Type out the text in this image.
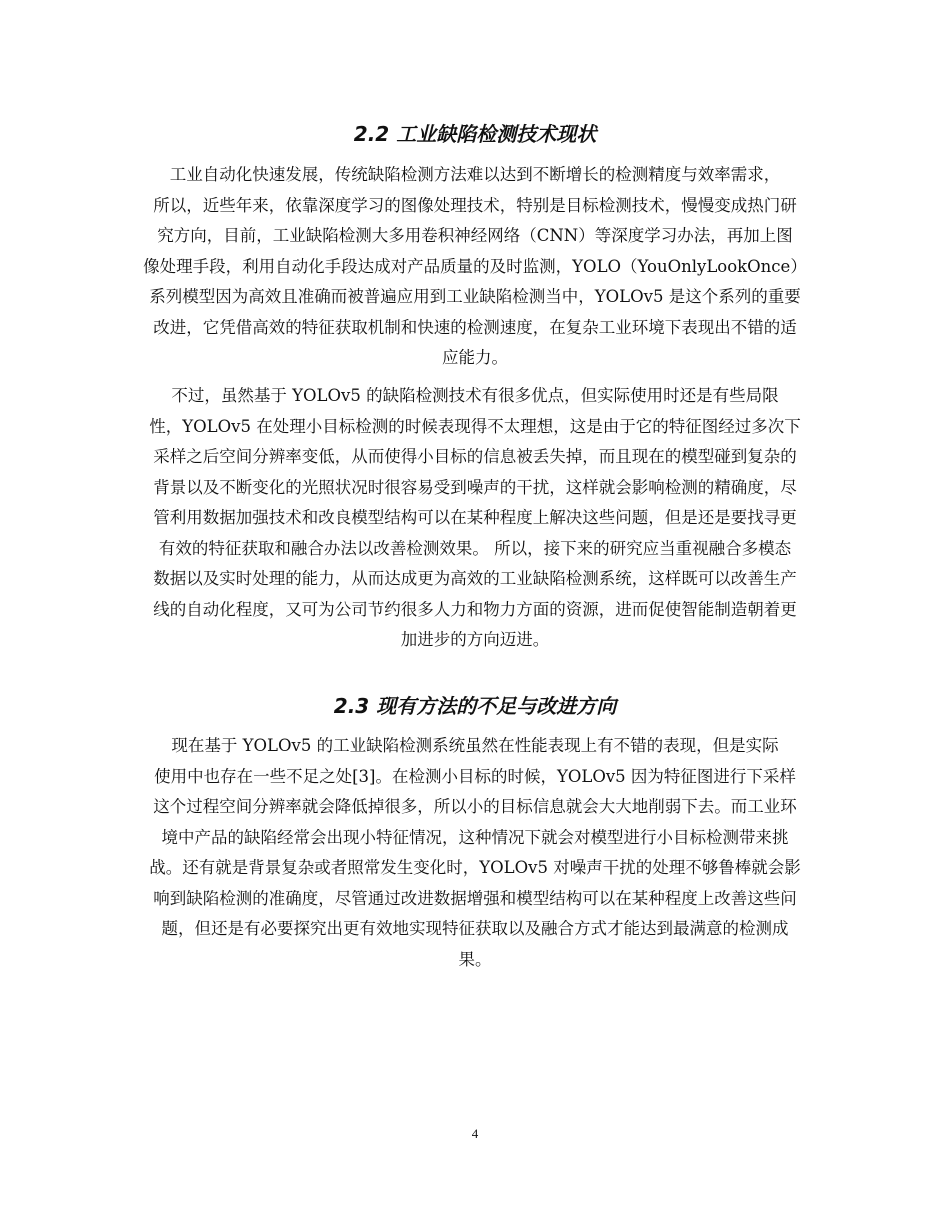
2.2 工业缺陷检测技术现状
工业自动化快速发展，传统缺陷检测方法难以达到不断增长的检测精度与效率需求，
所以，近些年来，依靠深度学习的图像处理技术，特别是目标检测技术，慢慢变成热门研
究方向，目前，工业缺陷检测大多用卷积神经网络（CNN）等深度学习办法，再加上图
像处理手段，利用自动化手段达成对产品质量的及时监测，YOLO（YouOnlyLookOnce）
系列模型因为高效且准确而被普遍应用到工业缺陷检测当中，YOLOv5 是这个系列的重要
改进，它凭借高效的特征获取机制和快速的检测速度，在复杂工业环境下表现出不错的适
应能力。
不过，虽然基于 YOLOv5 的缺陷检测技术有很多优点，但实际使用时还是有些局限
性，YOLOv5 在处理小目标检测的时候表现得不太理想，这是由于它的特征图经过多次下
采样之后空间分辨率变低，从而使得小目标的信息被丢失掉，而且现在的模型碰到复杂的
背景以及不断变化的光照状况时很容易受到噪声的干扰，这样就会影响检测的精确度，尽
管利用数据加强技术和改良模型结构可以在某种程度上解决这些问题，但是还是要找寻更
有效的特征获取和融合办法以改善检测效果。 所以，接下来的研究应当重视融合多模态
数据以及实时处理的能力，从而达成更为高效的工业缺陷检测系统，这样既可以改善生产
线的自动化程度，又可为公司节约很多人力和物力方面的资源，进而促使智能制造朝着更
加进步的方向迈进。
2.3 现有方法的不足与改进方向
现在基于 YOLOv5 的工业缺陷检测系统虽然在性能表现上有不错的表现，但是实际
使用中也存在一些不足之处[3]。在检测小目标的时候，YOLOv5 因为特征图进行下采样
这个过程空间分辨率就会降低掉很多，所以小的目标信息就会大大地削弱下去。而工业环
境中产品的缺陷经常会出现小特征情况，这种情况下就会对模型进行小目标检测带来挑
战。还有就是背景复杂或者照常发生变化时，YOLOv5 对噪声干扰的处理不够鲁棒就会影
响到缺陷检测的准确度，尽管通过改进数据增强和模型结构可以在某种程度上改善这些问
题，但还是有必要探究出更有效地实现特征获取以及融合方式才能达到最满意的检测成
果。
4
